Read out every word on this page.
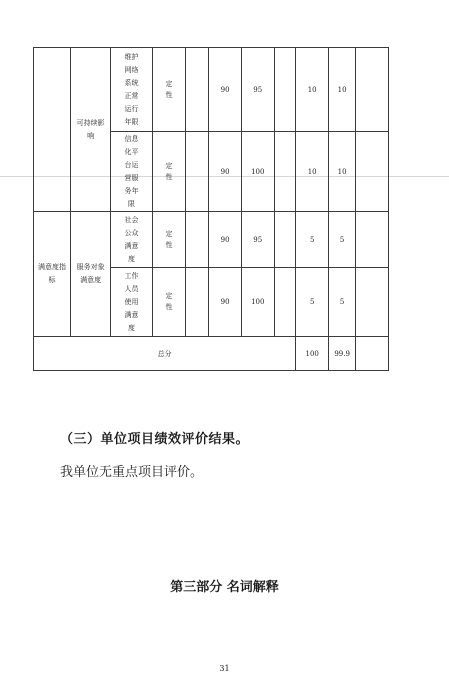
	可持续影响	维护网络系统正常运行年限	定性		90	95		10	10	
		信息化平台运营服务年限	定性		90	100		10	10	
满意度指标	服务对象满意度	社会公众满意度	定性		90	95		5	5	
		工作人员使用满意度	定性		90	100		5	5	
总分								100	99.9	
（三）单位项目绩效评价结果。
我单位无重点项目评价。
第三部分 名词解释
31
